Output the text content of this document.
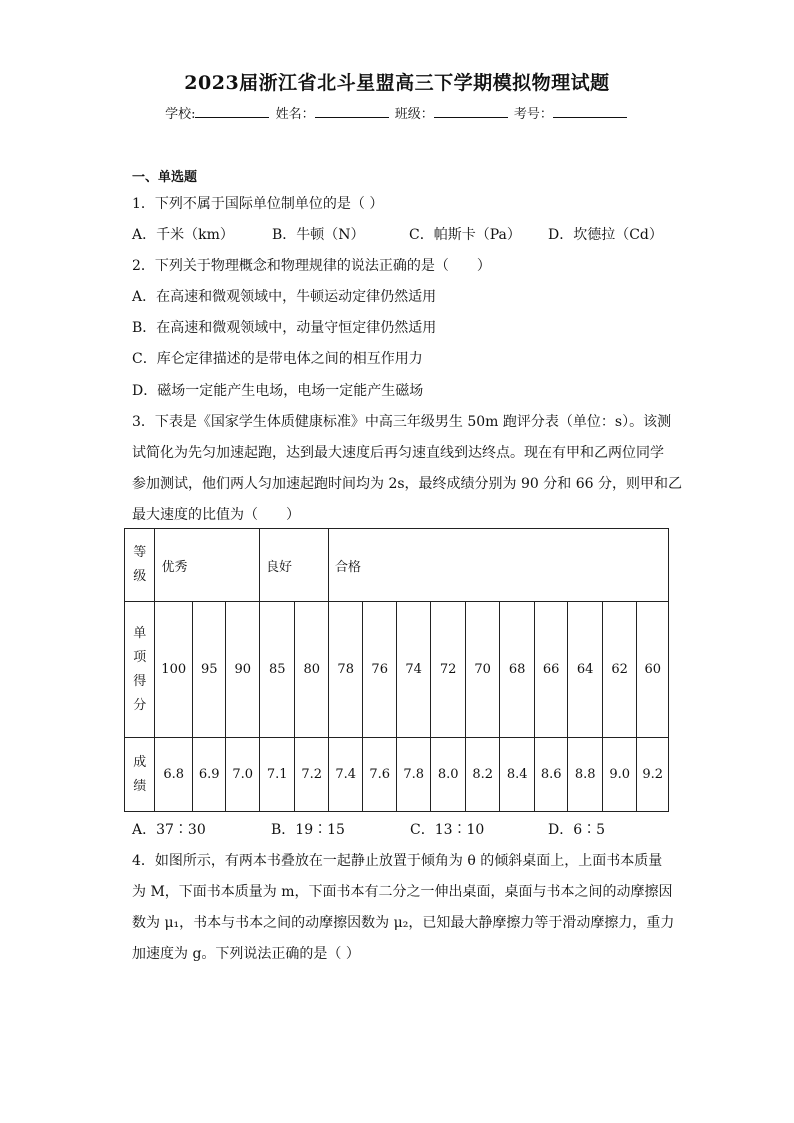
2023届浙江省北斗星盟高三下学期模拟物理试题
学校:	姓名：	班级：	考号：
一、单选题
1．下列不属于国际单位制单位的是（ ）
A．千米（km）	B．牛顿（N）	C．帕斯卡（Pa） D．坎德拉（Cd）
2．下列关于物理概念和物理规律的说法正确的是（　　）
A．在高速和微观领域中，牛顿运动定律仍然适用
B．在高速和微观领域中，动量守恒定律仍然适用
C．库仑定律描述的是带电体之间的相互作用力
D．磁场一定能产生电场，电场一定能产生磁场
3．下表是《国家学生体质健康标准》中高三年级男生 50m 跑评分表（单位：s）。该测
试简化为先匀加速起跑，达到最大速度后再匀速直线到达终点。现在有甲和乙两位同学
参加测试，他们两人匀加速起跑时间均为 2s，最终成绩分别为 90 分和 66 分，则甲和乙
最大速度的比值为（　　）
等
级	优秀			良好		合格									

单
项
得
分	100	95	90	85	80	78	76	74	72	70	68	66	64	62	60

成
绩	6.8	6.9	7.0	7.1	7.2	7.4	7.6	7.8	8.0	8.2	8.4	8.6	8.8	9.0	9.2
A．37∶30	B．19∶15	C．13∶10	D．6∶5
4．如图所示，有两本书叠放在一起静止放置于倾角为 θ 的倾斜桌面上，上面书本质量
为 M，下面书本质量为 m，下面书本有二分之一伸出桌面，桌面与书本之间的动摩擦因
数为 μ₁，书本与书本之间的动摩擦因数为 μ₂，已知最大静摩擦力等于滑动摩擦力，重力
加速度为 g。下列说法正确的是（ ）
